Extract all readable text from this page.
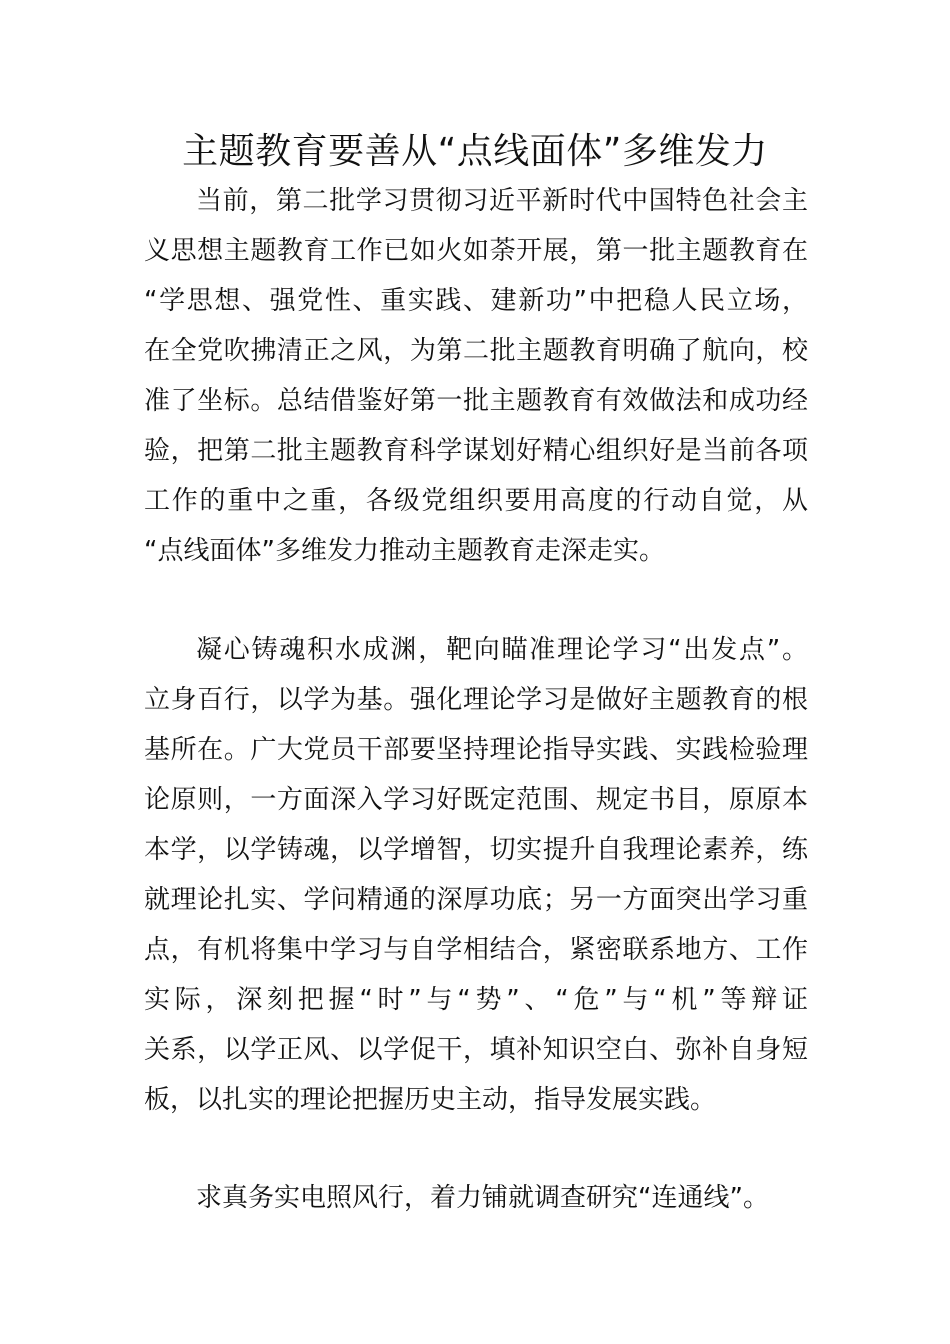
主题教育要善从“点线面体”多维发力
当前，第二批学习贯彻习近平新时代中国特色社会主
义思想主题教育工作已如火如荼开展，第一批主题教育在
“学思想、强党性、重实践、建新功”中把稳人民立场，
在全党吹拂清正之风，为第二批主题教育明确了航向，校
准了坐标。总结借鉴好第一批主题教育有效做法和成功经
验，把第二批主题教育科学谋划好精心组织好是当前各项
工作的重中之重，各级党组织要用高度的行动自觉，从
“点线面体”多维发力推动主题教育走深走实。
凝心铸魂积水成渊，靶向瞄准理论学习“出发点”。
立身百行，以学为基。强化理论学习是做好主题教育的根
基所在。广大党员干部要坚持理论指导实践、实践检验理
论原则，一方面深入学习好既定范围、规定书目，原原本
本学，以学铸魂，以学增智，切实提升自我理论素养，练
就理论扎实、学问精通的深厚功底；另一方面突出学习重
点，有机将集中学习与自学相结合，紧密联系地方、工作
实际，深刻把握“时”与“势”、“危”与“机”等辩证
关系，以学正风、以学促干，填补知识空白、弥补自身短
板，以扎实的理论把握历史主动，指导发展实践。
求真务实电照风行，着力铺就调查研究“连通线”。
